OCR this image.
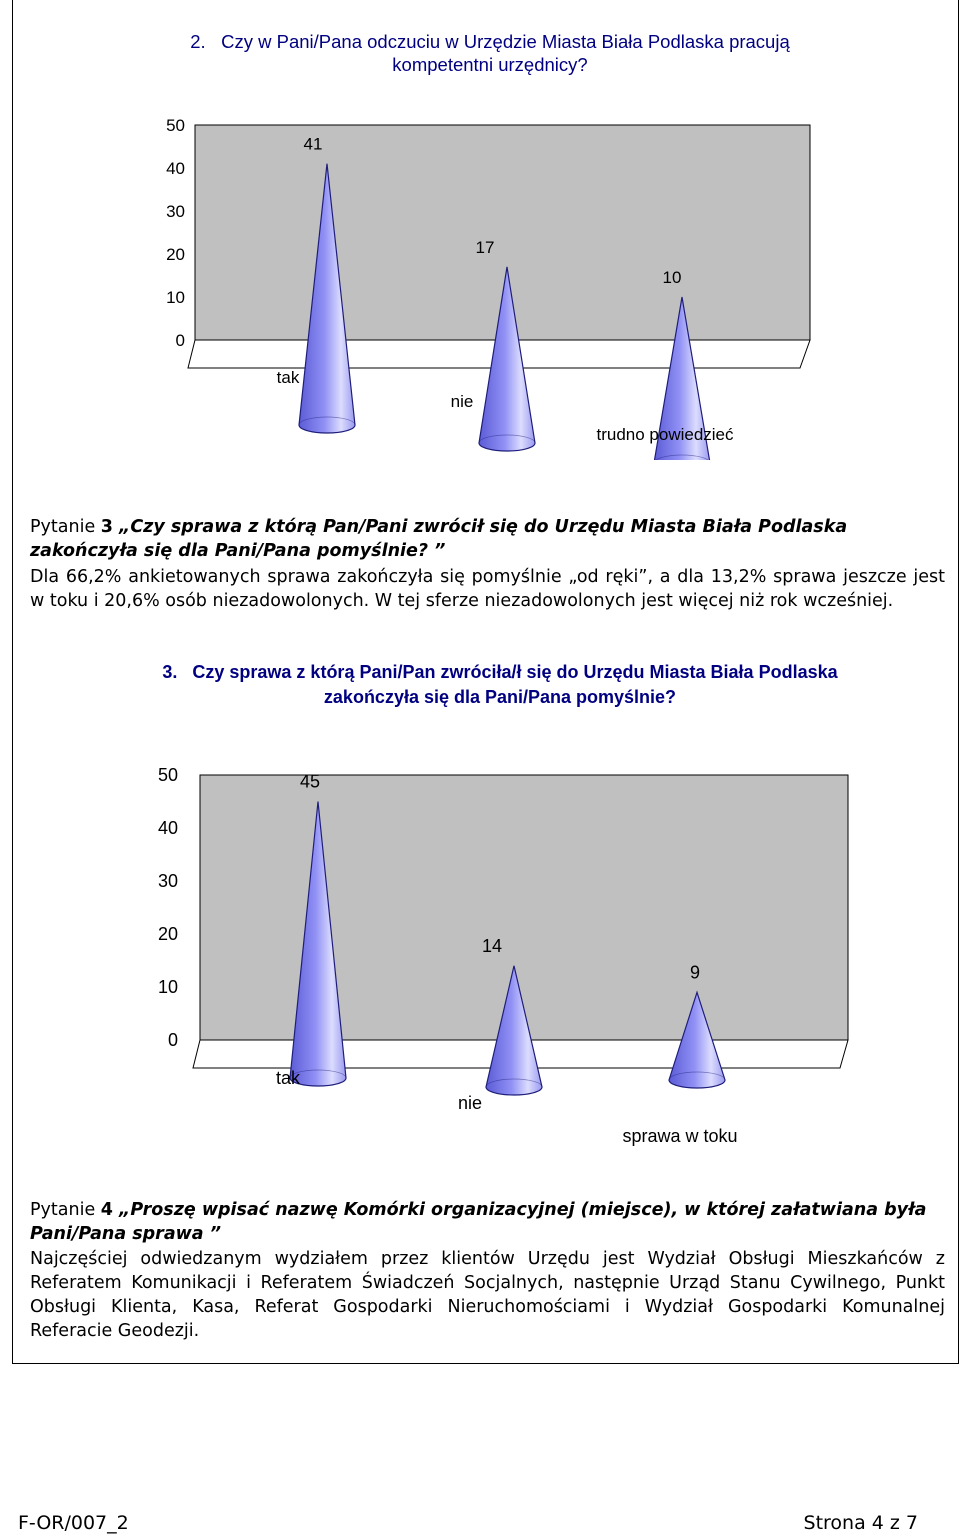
2. Czy w Pani/Pana odczuciu w Urzędzie Miasta Biała Podlaska pracują kompetentni urzędnicy?
0
10
20
30
40
50
41
tak
17
nie
10
trudno powiedzieć
Pytanie 3 „Czy sprawa z którą Pan/Pani zwrócił się do Urzędu Miasta Biała Podlaska zakończyła się dla Pani/Pana pomyślnie? ”
Dla 66,2% ankietowanych sprawa zakończyła się pomyślnie „od ręki”, a dla 13,2% sprawa jeszcze jest w toku i 20,6% osób niezadowolonych. W tej sferze niezadowolonych jest więcej niż rok wcześniej.
3. Czy sprawa z którą Pani/Pan zwróciła/ł się do Urzędu Miasta Biała Podlaska zakończyła się dla Pani/Pana pomyślnie?
0
10
20
30
40
50	45
tak
14
nie
9
sprawa w toku
Pytanie 4 „Proszę wpisać nazwę Komórki organizacyjnej (miejsce), w której załatwiana była Pani/Pana sprawa ”
Najczęściej odwiedzanym wydziałem przez klientów Urzędu jest Wydział Obsługi Mieszkańców z Referatem Komunikacji i Referatem Świadczeń Socjalnych, następnie Urząd Stanu Cywilnego, Punkt Obsługi Klienta, Kasa, Referat Gospodarki Nieruchomościami i Wydział Gospodarki Komunalnej Referacie Geodezji.
F-OR/007_2	Strona 4 z 7
